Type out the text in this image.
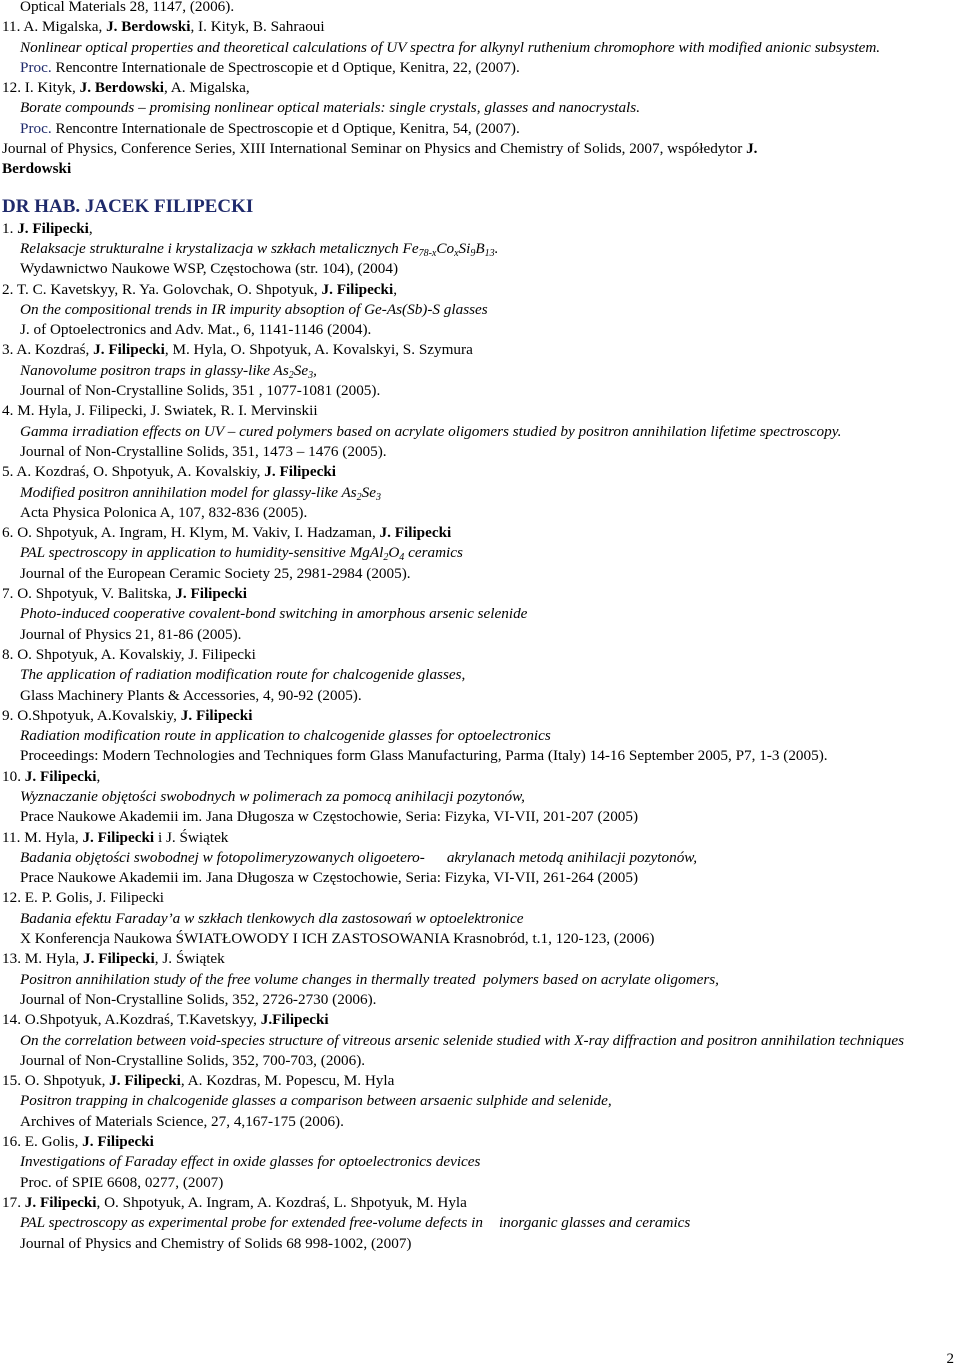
Optical Materials 28, 1147, (2006).
11. A. Migalska, J. Berdowski, I. Kityk, B. Sahraoui
Nonlinear optical properties and theoretical calculations of UV spectra for alkynyl ruthenium chromophore with modified anionic subsystem.
Proc. Rencontre Internationale de Spectroscopie et d Optique, Kenitra, 22, (2007).
12. I. Kityk, J. Berdowski, A. Migalska,
Borate compounds – promising nonlinear optical materials: single crystals, glasses and nanocrystals.
Proc. Rencontre Internationale de Spectroscopie et d Optique, Kenitra, 54, (2007).
Journal of Physics, Conference Series, XIII International Seminar on Physics and Chemistry of Solids, 2007, współedytor J.
Berdowski
DR HAB. JACEK FILIPECKI
1. J. Filipecki,
Relaksacje strukturalne i krystalizacja w szkłach metalicznych $Fe_{78-x}Co_xSi_9B_{13}$.
Wydawnictwo Naukowe WSP, Częstochowa (str. 104), (2004)
2. T. C. Kavetskyy, R. Ya. Golovchak, O. Shpotyuk, J. Filipecki,
On the compositional trends in IR impurity absoption of Ge-As(Sb)-S glasses
J. of Optoelectronics and Adv. Mat., 6, 1141-1146 (2004).
3. A. Kozdraś, J. Filipecki, M. Hyla, O. Shpotyuk, A. Kovalskyi, S. Szymura
Nanovolume positron traps in glassy-like $As_2Se_3$,
Journal of Non-Crystalline Solids, 351 , 1077-1081 (2005).
4. M. Hyla, J. Filipecki, J. Swiatek, R. I. Mervinskii
Gamma irradiation effects on UV – cured polymers based on acrylate oligomers studied by positron annihilation lifetime spectroscopy.
Journal of Non-Crystalline Solids, 351, 1473 – 1476 (2005).
5. A. Kozdraś, O. Shpotyuk, A. Kovalskiy, J. Filipecki
Modified positron annihilation model for glassy-like $As_2Se_3$
Acta Physica Polonica A, 107, 832-836 (2005).
6. O. Shpotyuk, A. Ingram, H. Klym, M. Vakiv, I. Hadzaman, J. Filipecki
PAL spectroscopy in application to humidity-sensitive $MgAl_2O_4$ ceramics
Journal of the European Ceramic Society 25, 2981-2984 (2005).
7. O. Shpotyuk, V. Balitska, J. Filipecki
Photo-induced cooperative covalent-bond switching in amorphous arsenic selenide
Journal of Physics 21, 81-86 (2005).
8. O. Shpotyuk, A. Kovalskiy, J. Filipecki
The application of radiation modification route for chalcogenide glasses,
Glass Machinery Plants & Accessories, 4, 90-92 (2005).
9. O.Shpotyuk, A.Kovalskiy, J. Filipecki
Radiation modification route in application to chalcogenide glasses for optoelectronics
Proceedings: Modern Technologies and Techniques form Glass Manufacturing, Parma (Italy) 14-16 September 2005, P7, 1-3 (2005).
10. J. Filipecki,
Wyznaczanie objętości swobodnych w polimerach za pomocą anihilacji pozytonów,
Prace Naukowe Akademii im. Jana Długosza w Częstochowie, Seria: Fizyka, VI-VII, 201-207 (2005)
11. M. Hyla, J. Filipecki i J. Świątek
Badania objętości swobodnej w fotopolimeryzowanych oligoetero- akrylanach metodą anihilacji pozytonów,
Prace Naukowe Akademii im. Jana Długosza w Częstochowie, Seria: Fizyka, VI-VII, 261-264 (2005)
12. E. P. Golis, J. Filipecki
Badania efektu Faraday’a w szkłach tlenkowych dla zastosowań w optoelektronice
X Konferencja Naukowa ŚWIATŁOWODY I ICH ZASTOSOWANIA Krasnobród, t.1, 120-123, (2006)
13. M. Hyla, J. Filipecki, J. Świątek
Positron annihilation study of the free volume changes in thermally treated  polymers based on acrylate oligomers,
Journal of Non-Crystalline Solids, 352, 2726-2730 (2006).
14. O.Shpotyuk, A.Kozdraś, T.Kavetskyy, J.Filipecki
On the correlation between void-species structure of vitreous arsenic selenide studied with X-ray diffraction and positron annihilation techniques
Journal of Non-Crystalline Solids, 352, 700-703, (2006).
15. O. Shpotyuk, J. Filipecki, A. Kozdras, M. Popescu, M. Hyla
Positron trapping in chalcogenide glasses a comparison between arsaenic sulphide and selenide,
Archives of Materials Science, 27, 4,167-175 (2006).
16. E. Golis, J. Filipecki
Investigations of Faraday effect in oxide glasses for optoelectronics devices
Proc. of SPIE 6608, 0277, (2007)
17. J. Filipecki, O. Shpotyuk, A. Ingram, A. Kozdraś, L. Shpotyuk, M. Hyla
PAL spectroscopy as experimental probe for extended free-volume defects in inorganic glasses and ceramics
Journal of Physics and Chemistry of Solids 68 998-1002, (2007)
2
